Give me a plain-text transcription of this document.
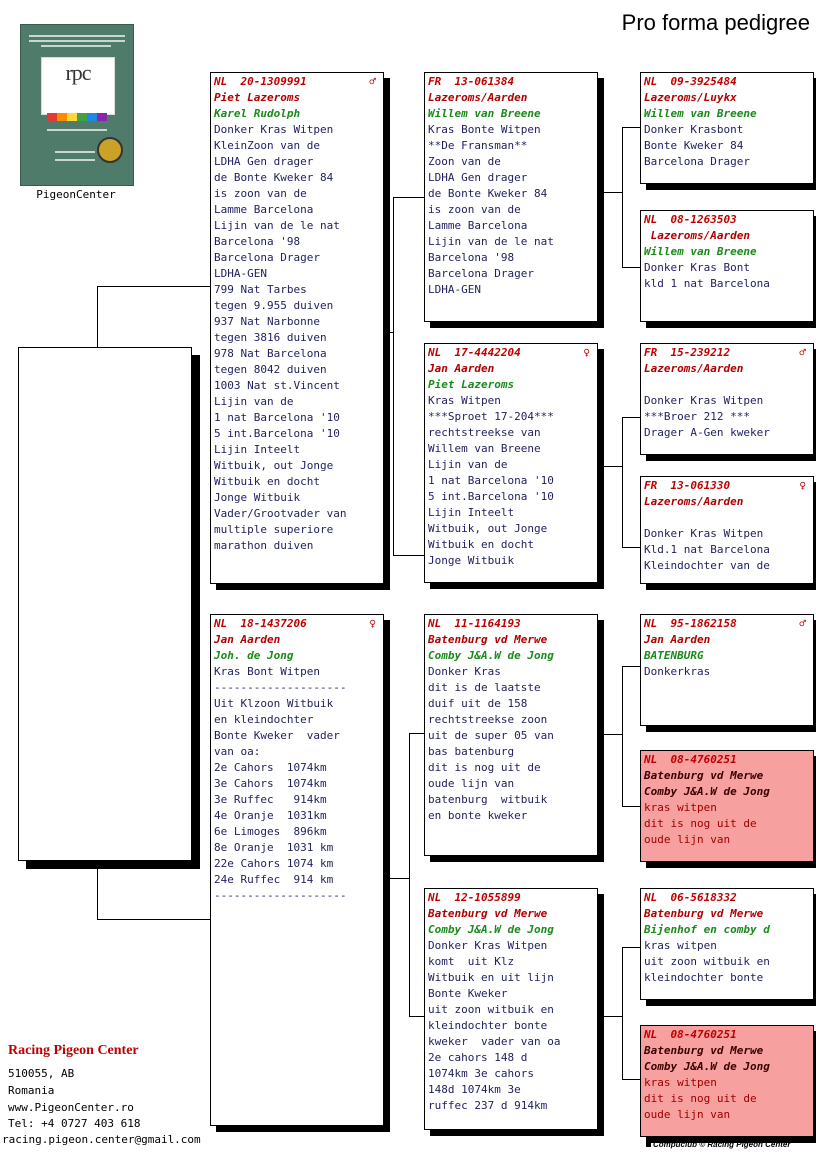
Pro forma pedigree
rpc
PigeonCenter
NL  20-1309991	♂
Piet Lazeroms
Karel Rudolph
Donker Kras Witpen
KleinZoon van de
LDHA Gen drager
de Bonte Kweker 84
is zoon van de
Lamme Barcelona
Lijin van de le nat
Barcelona '98
Barcelona Drager
LDHA-GEN
799 Nat Tarbes
tegen 9.955 duiven
937 Nat Narbonne
tegen 3816 duiven
978 Nat Barcelona
tegen 8042 duiven
1003 Nat st.Vincent
Lijin van de
1 nat Barcelona '10
5 int.Barcelona '10
Lijin Inteelt
Witbuik, out Jonge
Witbuik en docht
Jonge Witbuik
Vader/Grootvader van
multiple superiore
marathon duiven
FR  13-061384
Lazeroms/Aarden
Willem van Breene
Kras Bonte Witpen
**De Fransman**
Zoon van de
LDHA Gen drager
de Bonte Kweker 84
is zoon van de
Lamme Barcelona
Lijin van de le nat
Barcelona '98
Barcelona Drager
LDHA-GEN
NL  09-3925484
Lazeroms/Luykx
Willem van Breene
Donker Krasbont
Bonte Kweker 84
Barcelona Drager
NL  08-1263503
Lazeroms/Aarden
Willem van Breene
Donker Kras Bont
kld 1 nat Barcelona
NL  17-4442204	♀
Jan Aarden
Piet Lazeroms
Kras Witpen
***Sproet 17-204***
rechtstreekse van
Willem van Breene
Lijin van de
1 nat Barcelona '10
5 int.Barcelona '10
Lijin Inteelt
Witbuik, out Jonge
Witbuik en docht
Jonge Witbuik
FR  15-239212	♂
Lazeroms/Aarden

Donker Kras Witpen
***Broer 212 ***
Drager A-Gen kweker
FR  13-061330	♀
Lazeroms/Aarden

Donker Kras Witpen
Kld.1 nat Barcelona
Kleindochter van de
NL  18-1437206	♀
Jan Aarden
Joh. de Jong
Kras Bont Witpen
--------------------
Uit Klzoon Witbuik
en kleindochter
Bonte Kweker  vader
van oa:
2e Cahors  1074km
3e Cahors  1074km
3e Ruffec   914km
4e Oranje  1031km
6e Limoges  896km
8e Oranje  1031 km
22e Cahors 1074 km
24e Ruffec  914 km
--------------------
NL  11-1164193
Batenburg vd Merwe
Comby J&A.W de Jong
Donker Kras
dit is de laatste
duif uit de 158
rechtstreekse zoon
uit de super 05 van
bas batenburg
dit is nog uit de
oude lijn van
batenburg  witbuik
en bonte kweker
NL  95-1862158	♂
Jan Aarden
BATENBURG
Donkerkras
NL  08-4760251
Batenburg vd Merwe
Comby J&A.W de Jong
kras witpen
dit is nog uit de
oude lijn van
NL  12-1055899
Batenburg vd Merwe
Comby J&A.W de Jong
Donker Kras Witpen
komt  uit Klz
Witbuik en uit lijn
Bonte Kweker
uit zoon witbuik en
kleindochter bonte
kweker  vader van oa
2e cahors 148 d
1074km 3e cahors
148d 1074km 3e
ruffec 237 d 914km
NL  06-5618332
Batenburg vd Merwe
Bijenhof en comby d
kras witpen
uit zoon witbuik en
kleindochter bonte
NL  08-4760251
Batenburg vd Merwe
Comby J&A.W de Jong
kras witpen
dit is nog uit de
oude lijn van
Racing Pigeon Center
510055, AB
Romania
www.PigeonCenter.ro
Tel: +4 0727 403 618
racing.pigeon.center@gmail.com	Compuclub © Racing Pigeon Center
